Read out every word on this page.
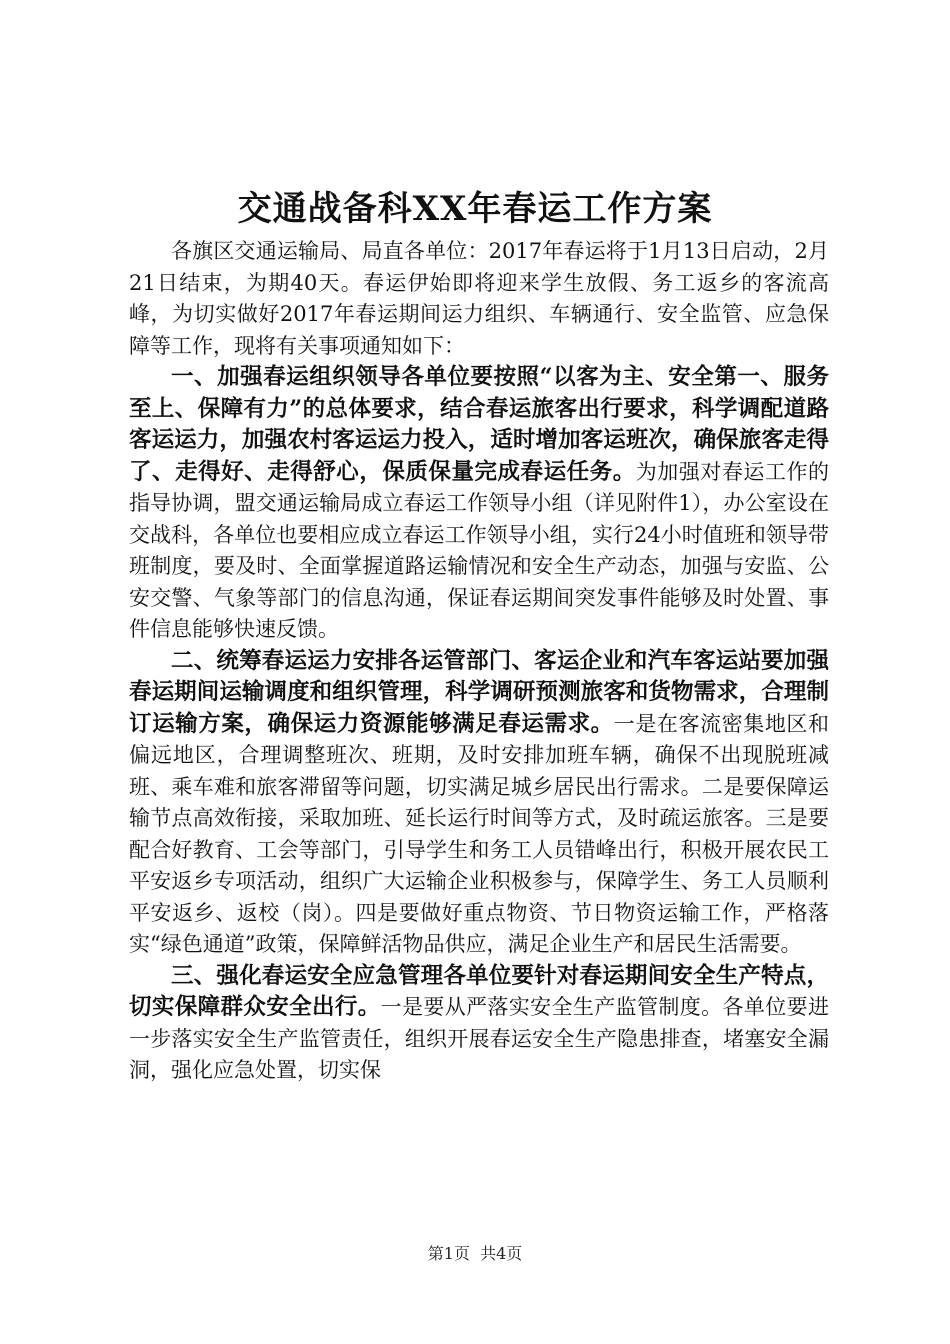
交通战备科XX年春运工作方案

各旗区交通运输局、局直各单位：2017年春运将于1月13日启动，2月21日结束，为期40天。春运伊始即将迎来学生放假、务工返乡的客流高峰，为切实做好2017年春运期间运力组织、车辆通行、安全监管、应急保障等工作，现将有关事项通知如下：

一、加强春运组织领导各单位要按照“以客为主、安全第一、服务至上、保障有力”的总体要求，结合春运旅客出行要求，科学调配道路客运运力，加强农村客运运力投入，适时增加客运班次，确保旅客走得了、走得好、走得舒心，保质保量完成春运任务。为加强对春运工作的指导协调，盟交通运输局成立春运工作领导小组（详见附件1），办公室设在交战科，各单位也要相应成立春运工作领导小组，实行24小时值班和领导带班制度，要及时、全面掌握道路运输情况和安全生产动态，加强与安监、公安交警、气象等部门的信息沟通，保证春运期间突发事件能够及时处置、事件信息能够快速反馈。

二、统筹春运运力安排各运管部门、客运企业和汽车客运站要加强春运期间运输调度和组织管理，科学调研预测旅客和货物需求，合理制订运输方案，确保运力资源能够满足春运需求。一是在客流密集地区和偏远地区，合理调整班次、班期，及时安排加班车辆，确保不出现脱班减班、乘车难和旅客滞留等问题，切实满足城乡居民出行需求。二是要保障运输节点高效衔接，采取加班、延长运行时间等方式，及时疏运旅客。三是要配合好教育、工会等部门，引导学生和务工人员错峰出行，积极开展农民工平安返乡专项活动，组织广大运输企业积极参与，保障学生、务工人员顺利平安返乡、返校（岗）。四是要做好重点物资、节日物资运输工作，严格落实“绿色通道”政策，保障鲜活物品供应，满足企业生产和居民生活需要。

三、强化春运安全应急管理各单位要针对春运期间安全生产特点，切实保障群众安全出行。一是要从严落实安全生产监管制度。各单位要进一步落实安全生产监管责任，组织开展春运安全生产隐患排查，堵塞安全漏洞，强化应急处置，切实保

第1页 共4页
